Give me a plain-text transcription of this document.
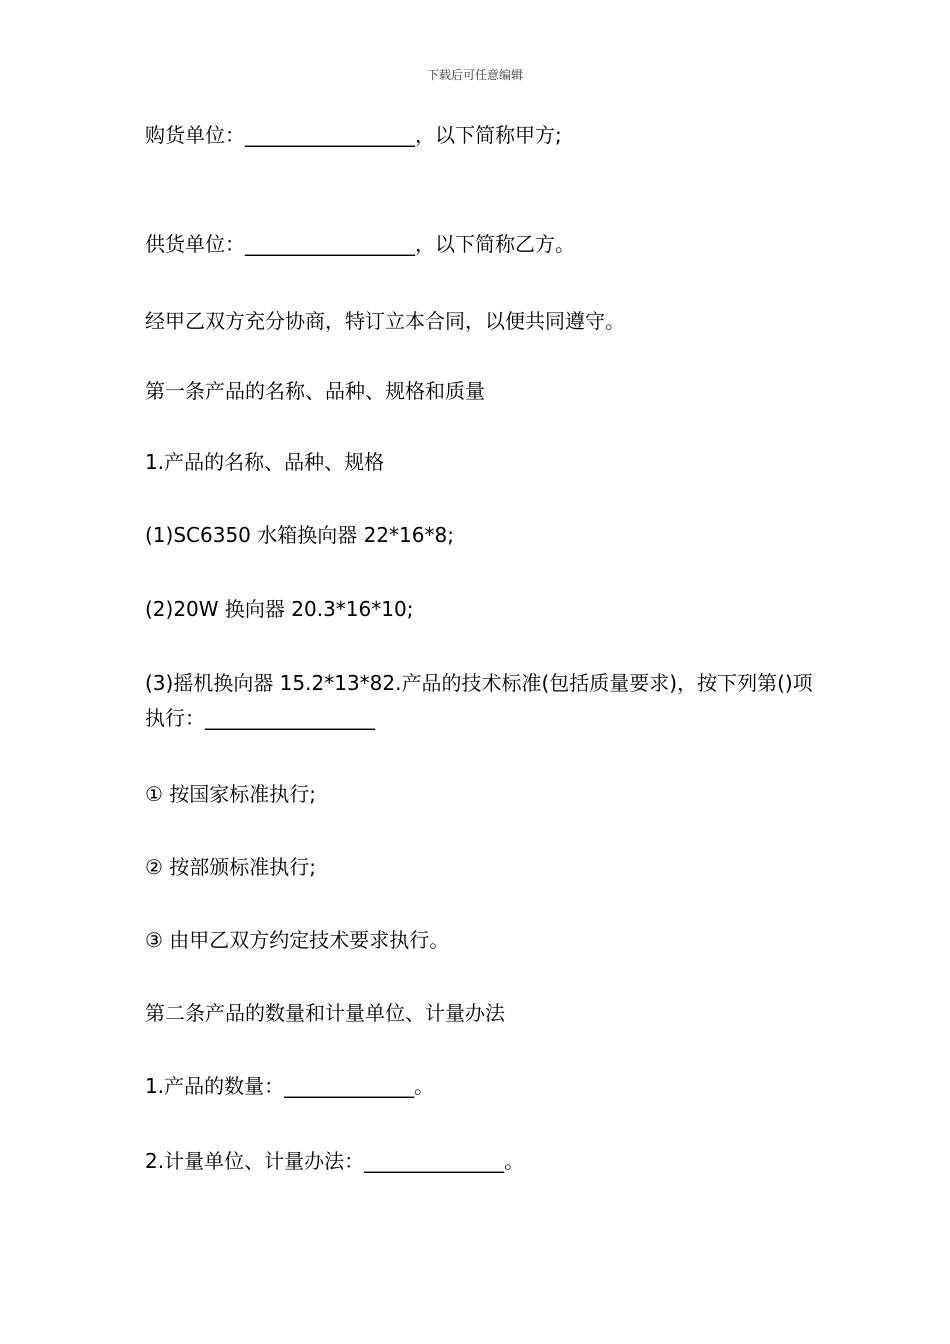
下载后可任意编辑
购货单位：_________________，以下简称甲方;
供货单位：_________________，以下简称乙方。
经甲乙双方充分协商，特订立本合同，以便共同遵守。
第一条产品的名称、品种、规格和质量
1.产品的名称、品种、规格
(1)SC6350 水箱换向器 22*16*8;
(2)20W 换向器 20.3*16*10;
(3)摇机换向器 15.2*13*82.产品的技术标准(包括质量要求)，按下列第()项执行：_________________
① 按国家标准执行;
② 按部颁标准执行;
③ 由甲乙双方约定技术要求执行。
第二条产品的数量和计量单位、计量办法
1.产品的数量：_____________。
2.计量单位、计量办法：______________。
